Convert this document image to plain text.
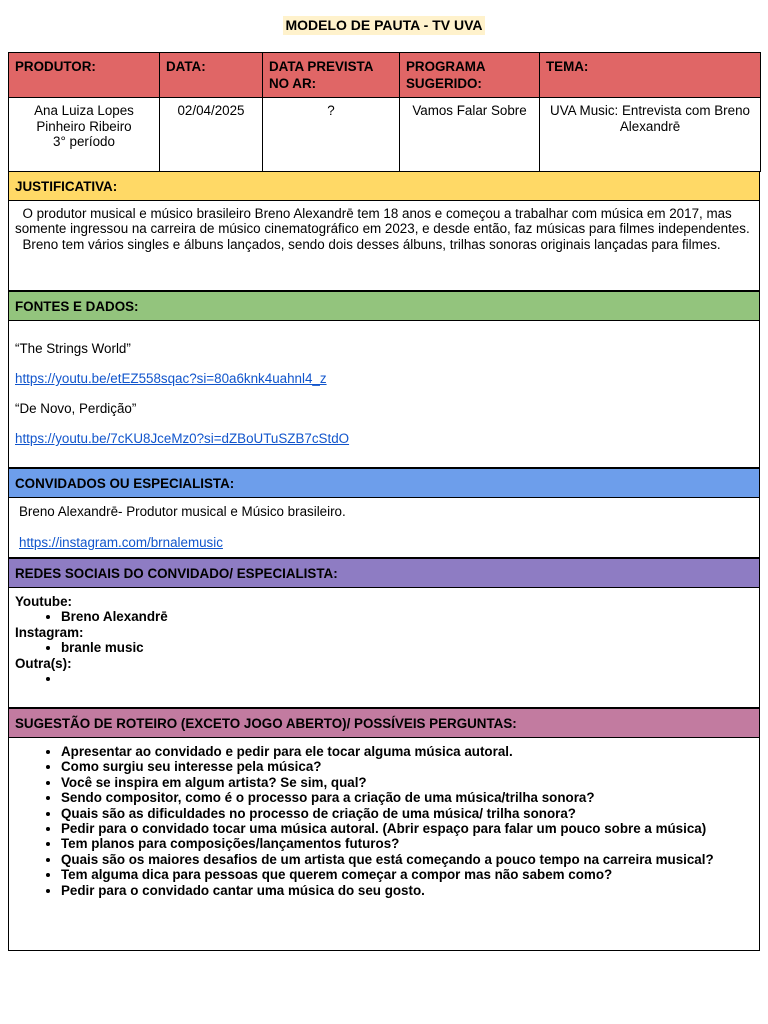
MODELO DE PAUTA - TV UVA
PRODUTOR:	DATA:	DATA PREVISTA NO AR:	PROGRAMA SUGERIDO:	TEMA:

Ana Luiza Lopes
Pinheiro Ribeiro
3° período	02/04/2025	?	Vamos Falar Sobre	UVA Music: Entrevista com Breno Alexandrē
JUSTIFICATIVA:

O produtor musical e músico brasileiro Breno Alexandrē tem 18 anos e começou a trabalhar com música em 2017, mas somente ingressou na carreira de músico cinematográfico em 2023, e desde então, faz músicas para filmes independentes.

Breno tem vários singles e álbuns lançados, sendo dois desses álbuns, trilhas sonoras originais lançadas para filmes.

FONTES E DADOS:
“The Strings World”
https://youtu.be/etEZ558sqac?si=80a6knk4uahnl4_z
“De Novo, Perdição”
https://youtu.be/7cKU8JceMz0?si=dZBoUTuSZB7cStdO
CONVIDADOS OU ESPECIALISTA:
Breno Alexandrē- Produtor musical e Músico brasileiro.
https://instagram.com/brnalemusic
REDES SOCIAIS DO CONVIDADO/ ESPECIALISTA:
Youtube:
• Breno Alexandrē
Instagram:
• branle music
Outra(s):
•
SUGESTÃO DE ROTEIRO (EXCETO JOGO ABERTO)/ POSSÍVEIS PERGUNTAS:
• Apresentar ao convidado e pedir para ele tocar alguma música autoral.
• Como surgiu seu interesse pela música?
• Você se inspira em algum artista? Se sim, qual?
• Sendo compositor, como é o processo para a criação de uma música/trilha sonora?
• Quais são as dificuldades no processo de criação de uma música/ trilha sonora?
• Pedir para o convidado tocar uma música autoral. (Abrir espaço para falar um pouco sobre a música)
• Tem planos para composições/lançamentos futuros?
• Quais são os maiores desafios de um artista que está começando a pouco tempo na carreira musical?
• Tem alguma dica para pessoas que querem começar a compor mas não sabem como?
• Pedir para o convidado cantar uma música do seu gosto.
